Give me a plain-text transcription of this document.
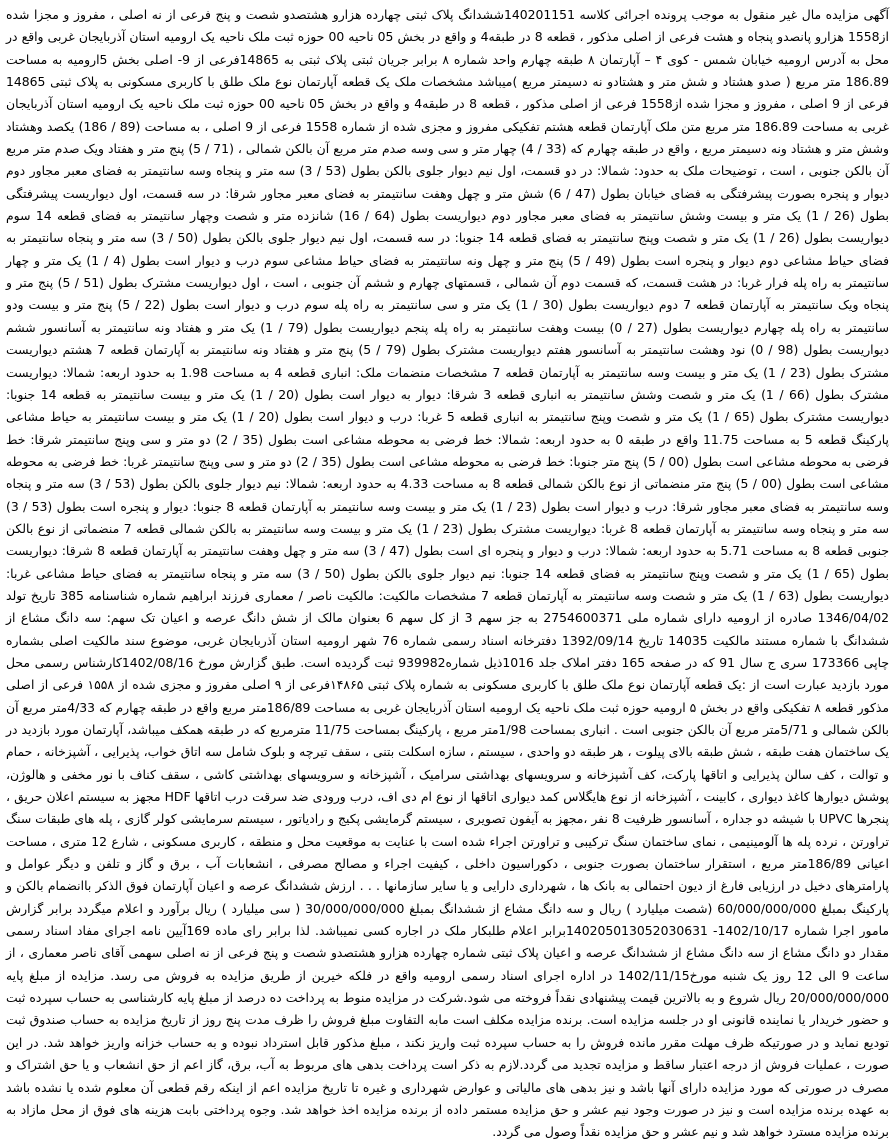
آگهی مزایده مال غیر منقول به موجب پرونده اجرائی کلاسه 140201151ششدانگ پلاک ثبتی چهارده هزارو هشتصدو شصت و پنج فرعی از نه اصلی ، مفروز و مجزا شده از1558 هزارو پانصدو پنجاه و هشت فرعی از اصلی مذکور ، قطعه 8 در طبقه4 و واقع در بخش 05 ناحیه 00 حوزه ثبت ملک ناحیه یک ارومیه استان آذربایجان غربی واقع در محل به آدرس ارومیه خیابان شمس - کوی ۴ – آپارتمان ۸ طبقه چهارم واحد شماره ۸ برابر جریان ثبتی پلاک ثبتی به 14865فرعی از 9- اصلی بخش 5ارومیه به مساحت 186.89 متر مربع ( صدو هشتاد و شش متر و هشتادو نه دسیمتر مربع )میباشد مشخصات ملک یک قطعه آپارتمان نوع ملک طلق با کاربری مسکونی به پلاک ثبتی 14865 فرعی از 9 اصلی ، مفروز و مجزا شده از1558 فرعی از اصلی مذکور ، قطعه 8 در طبقه4 و واقع در بخش 05 ناحیه 00 حوزه ثبت ملک ناحیه یک ارومیه استان آذربایجان غربی به مساحت 186.89 متر مربع متن ملک آپارتمان قطعه هشتم تفکیکی مفروز و مجزی شده از شماره 1558 فرعی از 9 اصلی ، به مساحت (89 / 186) یکصد وهشتاد وشش متر و هشتاد ونه دسیمتر مربع ، واقع در طبقه چهارم که (33 / 4) چهار متر و سی وسه صدم متر مربع آن بالکن شمالی ، (71 / 5) پنج متر و هفتاد ویک صدم متر مربع آن بالکن جنوبی ، است ، توضیحات ملک به حدود: شمالا: در دو قسمت، اول نیم دیوار جلوی بالکن بطول (53 / 3) سه متر و پنجاه وسه سانتیمتر به فضای معبر مجاور دوم دیوار و پنجره بصورت پیشرفتگی به فضای خیابان بطول (47 / 6) شش متر و چهل وهفت سانتیمتر به فضای معبر مجاور شرقا: در سه قسمت، اول دیواریست پیشرفتگی بطول (26 / 1) یک متر و بیست وشش سانتیمتر به فضای معبر مجاور دوم دیواریست بطول (64 / 16) شانزده متر و شصت وچهار سانتیمتر به فضای قطعه 14 سوم دیواریست بطول (26 / 1) یک متر و شصت وپنج سانتیمتر به فضای قطعه 14 جنوبا: در سه قسمت، اول نیم دیوار جلوی بالکن بطول (50 / 3) سه متر و پنجاه سانتیمتر به فضای حیاط مشاعی دوم دیوار و پنجره است بطول (49 / 5) پنج متر و چهل ونه سانتیمتر به فضای حیاط مشاعی سوم درب و دیوار است بطول (4 / 1) یک متر و چهار سانتیمتر به راه پله فرار غربا: در هشت قسمت، که قسمت دوم آن شمالی ، قسمتهای چهارم و ششم آن جنوبی ، است ، اول دیواریست مشترک بطول (51 / 5) پنج متر و پنجاه ویک سانتیمتر به آپارتمان قطعه 7 دوم دیواریست بطول (30 / 1) یک متر و سی سانتیمتر به راه پله سوم درب و دیوار است بطول (22 / 5) پنج متر و بیست ودو سانتیمتر به راه پله چهارم دیواریست بطول (27 / 0) بیست وهفت سانتیمتر به راه پله پنجم دیواریست بطول (79 / 1) یک متر و هفتاد ونه سانتیمتر به آسانسور ششم دیواریست بطول (98 / 0) نود وهشت سانتیمتر به آسانسور هفتم دیواریست مشترک بطول (79 / 5) پنج متر و هفتاد ونه سانتیمتر به آپارتمان قطعه 7 هشتم دیواریست مشترک بطول (23 / 1) یک متر و بیست وسه سانتیمتر به آپارتمان قطعه 7 مشخصات منضمات ملک: انباری قطعه 4 به مساحت 1.98 به حدود اربعه: شمالا: دیواریست مشترک بطول (66 / 1) یک متر و شصت وشش سانتیمتر به انباری قطعه 3 شرقا: دیوار به دیوار است بطول (20 / 1) یک متر و بیست سانتیمتر به قطعه 14 جنوبا: دیواریست مشترک بطول (65 / 1) یک متر و شصت وپنج سانتیمتر به انباری قطعه 5 غربا: درب و دیوار است بطول (20 / 1) یک متر و بیست سانتیمتر به حیاط مشاعی پارکینگ قطعه 5 به مساحت 11.75 واقع در طبقه 0 به حدود اربعه: شمالا: خط فرضی به محوطه مشاعی است بطول (35 / 2) دو متر و سی وپنج سانتیمتر شرقا: خط فرضی به محوطه مشاعی است بطول (00 / 5) پنج متر جنوبا: خط فرضی به محوطه مشاعی است بطول (35 / 2) دو متر و سی وپنج سانتیمتر غربا: خط فرضی به محوطه مشاعی است بطول (00 / 5) پنج متر منضماتی از نوع بالکن شمالی قطعه 8 به مساحت 4.33 به حدود اربعه: شمالا: نیم دیوار جلوی بالکن بطول (53 / 3) سه متر و پنجاه وسه سانتیمتر به فضای معبر مجاور شرقا: درب و دیوار است بطول (23 / 1) یک متر و بیست وسه سانتیمتر به آپارتمان قطعه 8 جنوبا: دیوار و پنجره است بطول (53 / 3) سه متر و پنجاه وسه سانتیمتر به آپارتمان قطعه 8 غربا: دیواریست مشترک بطول (23 / 1) یک متر و بیست وسه سانتیمتر به بالکن شمالی قطعه 7 منضماتی از نوع بالکن جنوبی قطعه 8 به مساحت 5.71 به حدود اربعه: شمالا: درب و دیوار و پنجره ای است بطول (47 / 3) سه متر و چهل وهفت سانتیمتر به آپارتمان قطعه 8 شرقا: دیواریست بطول (65 / 1) یک متر و شصت وپنج سانتیمتر به فضای قطعه 14 جنوبا: نیم دیوار جلوی بالکن بطول (50 / 3) سه متر و پنجاه سانتیمتر به فضای حیاط مشاعی غربا: دیواریست بطول (63 / 1) یک متر و شصت وسه سانتیمتر به آپارتمان قطعه 7 مشخصات مالکیت: مالکیت ناصر / معماری فرزند ابراهیم شماره شناسنامه 385 تاریخ تولد 1346/04/02 صادره از ارومیه دارای شماره ملی 2754600371 به جز سهم 3 از کل سهم 6 بعنوان مالک از شش دانگ عرصه و اعیان تک سهم: سه دانگ مشاع از ششدانگ با شماره مستند مالکیت 14035 تاریخ 1392/09/14 دفترخانه اسناد رسمی شماره 76 شهر ارومیه استان آذربایجان غربی، موضوع سند مالکیت اصلی بشماره چاپی 173366 سری ج سال 91 که در صفحه 165 دفتر املاک جلد 1016ذیل شماره939982 ثبت گردیده است. طبق گزارش مورخ 1402/08/16کارشناس رسمی محل مورد بازدید عبارت است از :یک قطعه آپارتمان نوع ملک طلق با کاربری مسکونی به شماره پلاک ثبتی ۱۴۸۶۵فرعی از ۹ اصلی مفروز و مجزی شده از ۱۵۵۸ فرعی از اصلی مذکور قطعه ۸ تفکیکی واقع در بخش ۵ ارومیه حوزه ثبت ملک ناحیه یک ارومیه استان آذربایجان غربی به مساحت 186/89متر مربع واقع در طبقه چهارم که 4/33متر مربع آن بالکن شمالی و 5/71متر مربع آن بالکن جنوبی است . انباری بمساحت 1/98متر مربع ، پارکینگ بمساحت 11/75 مترمربع که در طبقه همکف میباشد، آپارتمان مورد بازدید در یک ساختمان هفت طبقه ، شش طبقه بالای پیلوت ، هر طبقه دو واحدی ، سیستم ، سازه اسکلت بتنی ، سقف تیرچه و بلوک شامل سه اتاق خواب، پذیرایی ، آشپزخانه ، حمام و توالت ، کف سالن پذیرایی و اتاقها پارکت، کف آشپزخانه و سرویسهای بهداشتی سرامیک ، آشپزخانه و سرویسهای بهداشتی کاشی ، سقف کناف با نور مخفی و هالوژن، پوشش دیوارها کاغذ دیواری ، کابینت ، آشپزخانه از نوع هایگلاس کمد دیواری اتاقها از نوع ام دی اف، درب ورودی ضد سرقت درب اتاقها HDF مجهز به سیستم اعلان حریق ، پنجرها UPVC با شیشه دو جداره ، آسانسور ظرفیت 8 نفر ،مجهز به آیفون تصویری ، سیستم گرمایشی پکیج و رادیاتور ، سیستم سرمایشی کولر گازی ، پله های طبقات سنگ تراورتن ، نرده پله ها آلومینیمی ، نمای ساختمان سنگ ترکیبی و تراورتن اجراء شده است با عنایت به موقعیت محل و منطقه ، کاربری مسکونی ، شارع 12 متری ، مساحت اعیانی 186/89متر مربع ، استقرار ساختمان بصورت جنوبی ، دکوراسیون داخلی ، کیفیت اجراء و مصالح مصرفی ، انشعابات آب ، برق و گاز و تلفن و دیگر عوامل و پارامترهای دخیل در ارزیابی فارغ از دیون احتمالی به بانک ها ، شهرداری دارایی و یا سایر سازمانها . . . ارزش ششدانگ عرصه و اعیان آپارتمان فوق الذکر باانضمام بالکن و پارکینگ بمبلغ 60/000/000/000 (شصت میلیارد ) ریال و سه دانگ مشاع از ششدانگ بمبلغ 30/000/000/000 ( سی میلیارد ) ریال برآورد و اعلام میگردد برابر گزارش مامور اجرا شماره 1402/10/17- 140205013052030631برابر اعلام طلبکار ملک در اجاره کسی نمیباشد. لذا برابر رای ماده 169آیین نامه اجرای مفاد اسناد رسمی مقدار دو دانگ مشاع از سه دانگ مشاع از ششدانگ عرصه و اعیان پلاک ثبتی شماره چهارده هزارو هشتصدو شصت و پنج فرعی از نه اصلی سهمی آقای ناصر معماری ، از ساعت 9 الی 12 روز یک شنبه مورخ1402/11/15 در اداره اجرای اسناد رسمی ارومیه واقع در فلکه خیرین از طریق مزایده به فروش می رسد. مزایده از مبلغ پایه 20/000/000/000 ریال شروع و به بالاترین قیمت پیشنهادی نقداً فروخته می شود.شرکت در مزایده منوط به پرداخت ده درصد از مبلغ پایه کارشناسی به حساب سپرده ثبت و حضور خریدار یا نماینده قانونی او در جلسه مزایده است. برنده مزایده مکلف است مابه التفاوت مبلغ فروش را ظرف مدت پنج روز از تاریخ مزایده به حساب صندوق ثبت تودیع نماید و در صورتیکه ظرف مهلت مقرر مانده فروش را به حساب سپرده ثبت واریز نکند ، مبلغ مذکور قابل استرداد نبوده و به حساب خزانه واریز خواهد شد. در این صورت ، عملیات فروش از درجه اعتبار ساقط و مزایده تجدید می گردد.لازم به ذکر است پرداخت بدهی های مربوط به آب، برق، گاز اعم از حق انشعاب و یا حق اشتراک و مصرف در صورتی که مورد مزایده دارای آنها باشد و نیز بدهی های مالیاتی و عوارض شهرداری و غیره تا تاریخ مزایده اعم از اینکه رقم قطعی آن معلوم شده یا نشده باشد به عهده برنده مزایده است و نیز در صورت وجود نیم عشر و حق مزایده مستمر داده از برنده مزایده اخذ خواهد شد. وجوه پرداختی بابت هزینه های فوق از محل مازاد به برنده مزایده مسترد خواهد شد و نیم عشر و حق مزایده نقداً وصول می گردد.
